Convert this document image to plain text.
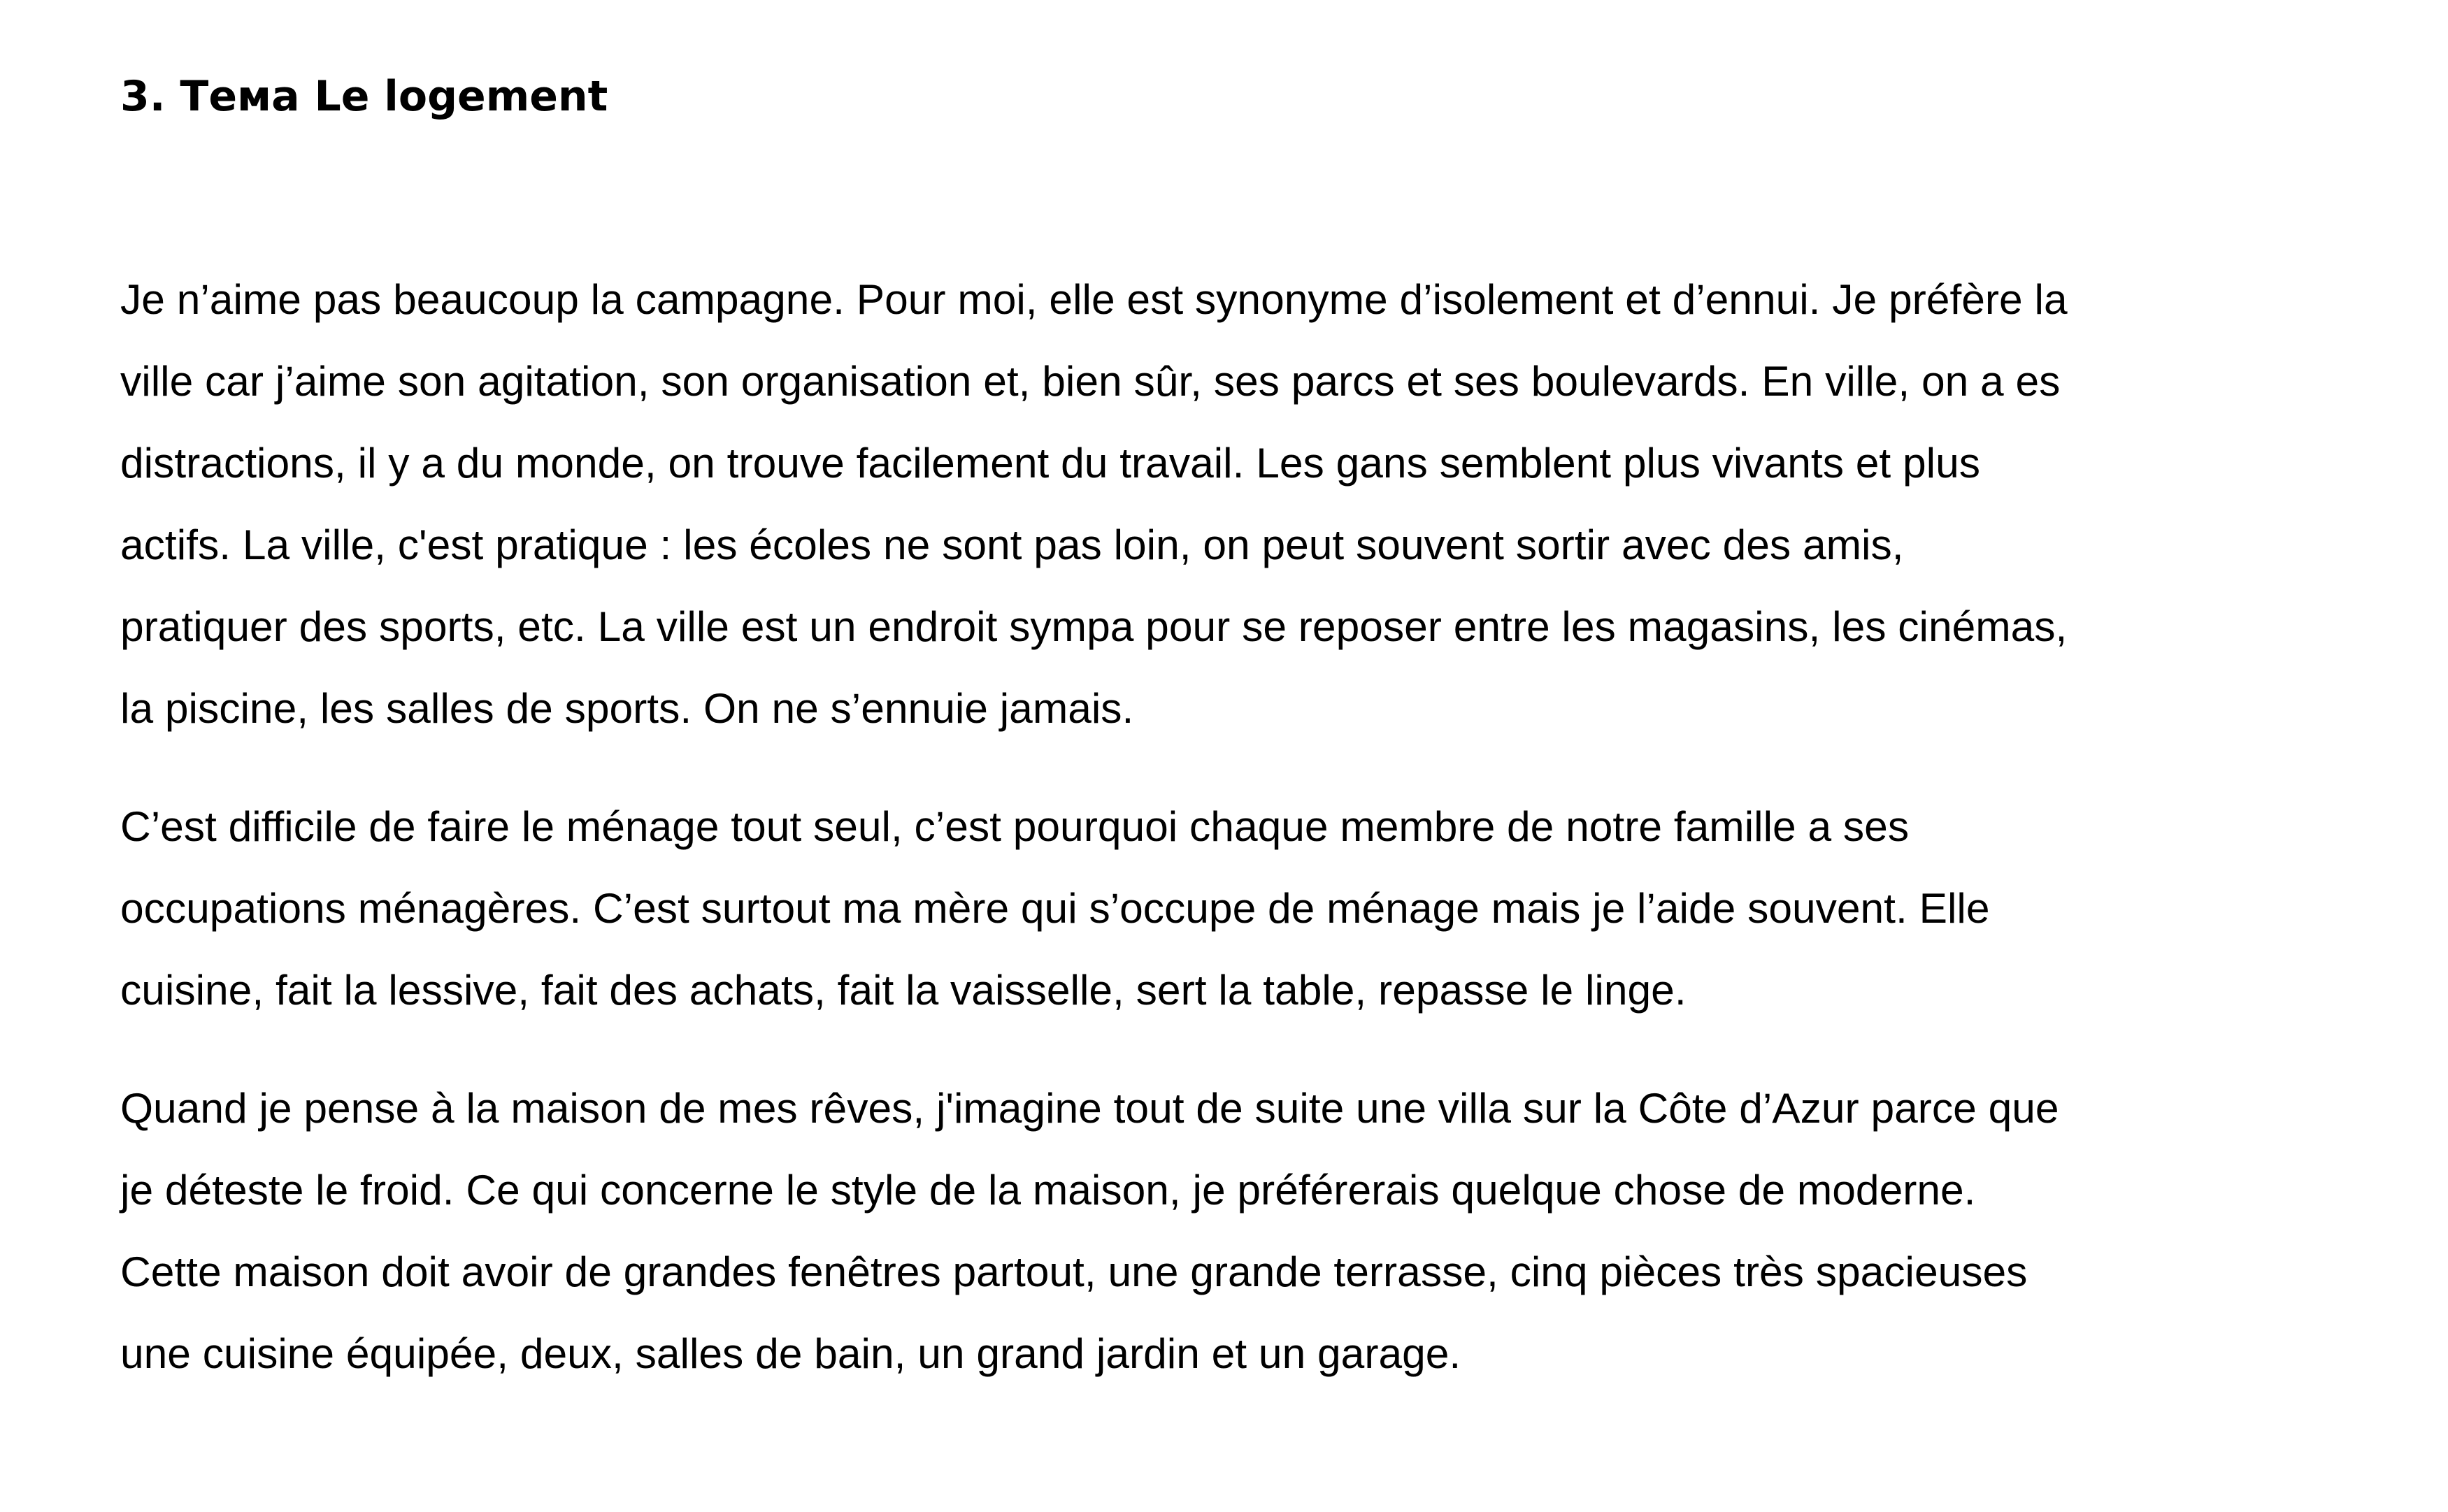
3. Тема Le logement

Je n’aime pas beaucoup la campagne. Pour moi, elle est synonyme d’isolement et d’ennui. Je préfère la
ville car j’aime son agitation, son organisation et, bien sûr, ses parcs et ses boulevards. En ville, on a es
distractions, il y a du monde, on trouve facilement du travail. Les gans semblent plus vivants et plus
actifs. La ville, c'est pratique : les écoles ne sont pas loin, on peut souvent sortir avec des amis,
pratiquer des sports, etc. La ville est un endroit sympa pour se reposer entre les magasins, les cinémas,
la piscine, les salles de sports. On ne s’ennuie jamais.

C’est difficile de faire le ménage tout seul, c’est pourquoi chaque membre de notre famille a ses
occupations ménagères. C’est surtout ma mère qui s’occupe de ménage mais je l’aide souvent. Elle
cuisine, fait la lessive, fait des achats, fait la vaisselle, sert la table, repasse le linge.

Quand je pense à la maison de mes rêves, j'imagine tout de suite une villa sur la Côte d’Azur parce que
je déteste le froid. Ce qui concerne le style de la maison, je préférerais quelque chose de moderne.
Cette maison doit avoir de grandes fenêtres partout, une grande terrasse, cinq pièces très spacieuses
une cuisine équipée, deux, salles de bain, un grand jardin et un garage.
